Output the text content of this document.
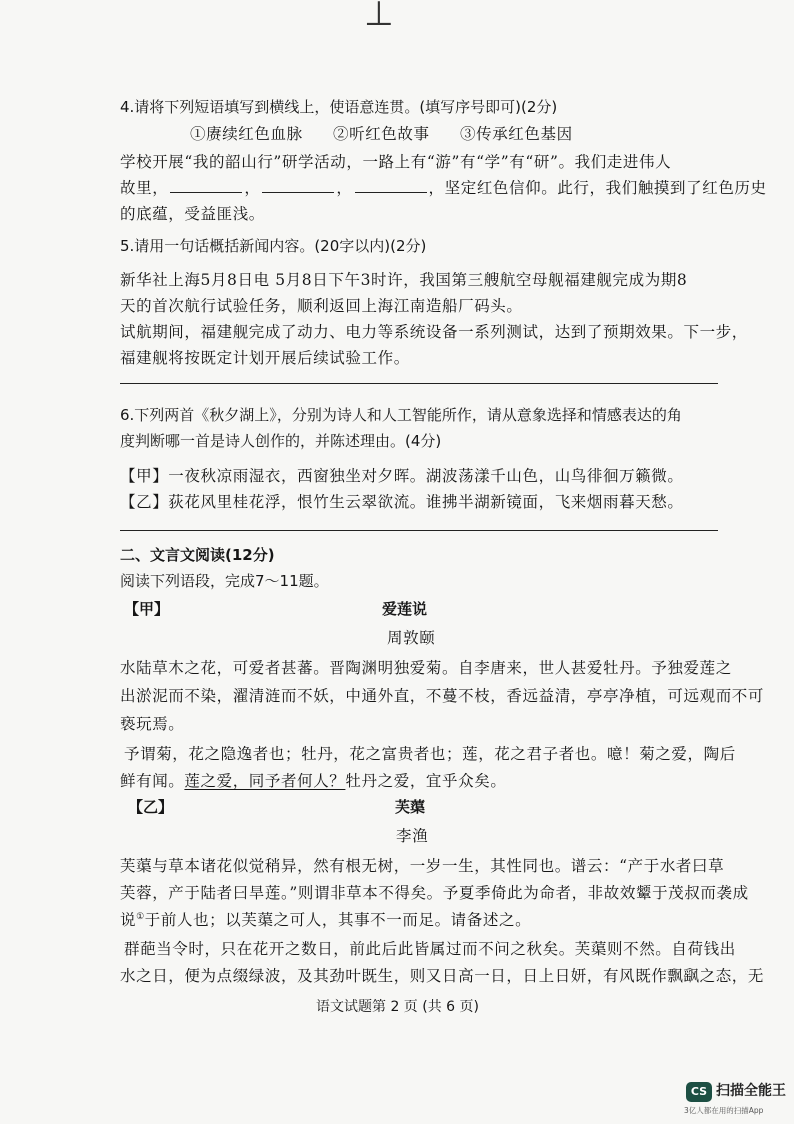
⊥
4.请将下列短语填写到横线上，使语意连贯。(填写序号即可)(2分)
①赓续红色血脉 ②听红色故事 ③传承红色基因
学校开展“我的韶山行”研学活动，一路上有“游”有“学”有“研”。我们走进伟人
故里，	，	，	，坚定红色信仰。此行，我们触摸到了红色历史
的底蕴，受益匪浅。
5.请用一句话概括新闻内容。(20字以内)(2分)
新华社上海5月8日电 5月8日下午3时许，我国第三艘航空母舰福建舰完成为期8
天的首次航行试验任务，顺利返回上海江南造船厂码头。
试航期间，福建舰完成了动力、电力等系统设备一系列测试，达到了预期效果。下一步，
福建舰将按既定计划开展后续试验工作。
6.下列两首《秋夕湖上》，分别为诗人和人工智能所作，请从意象选择和情感表达的角
度判断哪一首是诗人创作的，并陈述理由。(4分)
【甲】一夜秋凉雨湿衣，西窗独坐对夕晖。湖波荡漾千山色，山鸟徘徊万籁微。
【乙】荻花风里桂花浮，恨竹生云翠欲流。谁拂半湖新镜面，飞来烟雨暮天愁。
二、文言文阅读(12分)
阅读下列语段，完成7～11题。
【甲】	爱莲说
周敦颐
水陆草木之花，可爱者甚蕃。晋陶渊明独爱菊。自李唐来，世人甚爱牡丹。予独爱莲之
出淤泥而不染，濯清涟而不妖，中通外直，不蔓不枝，香远益清，亭亭净植，可远观而不可
亵玩焉。
予谓菊，花之隐逸者也；牡丹，花之富贵者也；莲，花之君子者也。噫！菊之爱，陶后
鲜有闻。莲之爱，同予者何人？牡丹之爱，宜乎众矣。
【乙】	芙蕖
李渔
芙蕖与草本诸花似觉稍异，然有根无树，一岁一生，其性同也。谱云：“产于水者曰草
芙蓉，产于陆者曰旱莲。”则谓非草本不得矣。予夏季倚此为命者，非故效颦于茂叔而袭成
说①于前人也；以芙蕖之可人，其事不一而足。请备述之。
群葩当令时，只在花开之数日，前此后此皆属过而不问之秋矣。芙蕖则不然。自荷钱出
水之日，便为点缀绿波，及其劲叶既生，则又日高一日，日上日妍，有风既作飘飖之态，无
语文试题第 2 页 (共 6 页)
CS 扫描全能王
3亿人都在用的扫描App
